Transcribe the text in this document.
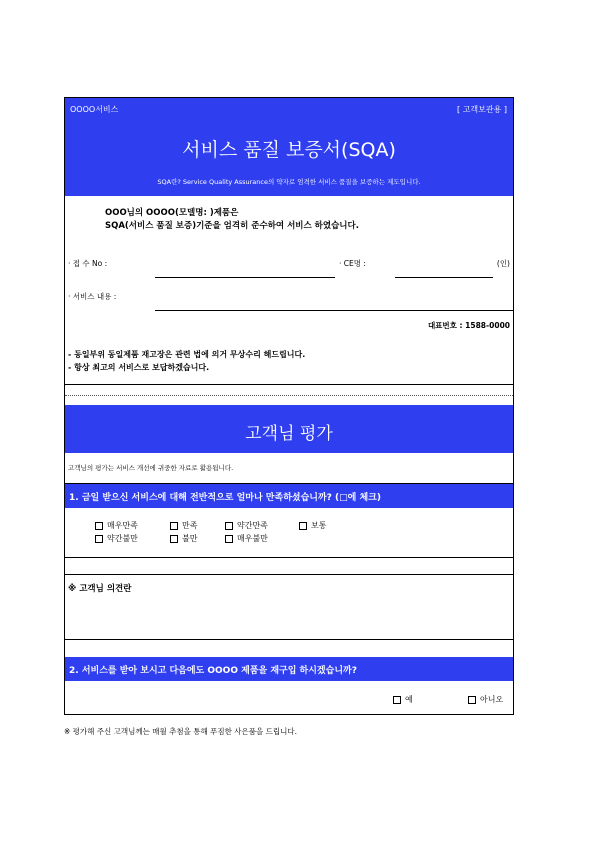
OOOO서비스	[ 고객보관용 ]
서비스 품질 보증서(SQA)
SQA란? Service Quality Assurance의 약자로 엄격한 서비스 품질을 보증하는 제도입니다.
OOO님의 OOOO(모델명: )제품은
SQA(서비스 품질 보증)기준을 엄격히 준수하여 서비스 하였습니다.
· 접 수 No :	· CE명 :	(인)
· 서비스 내용 :
대표번호 : 1588-0000
- 동일부위 동일제품 재고장은 관련 법에 의거 무상수리 해드립니다.
- 항상 최고의 서비스로 보답하겠습니다.
고객님 평가
고객님의 평가는 서비스 개선에 귀중한 자료로 활용됩니다.
1. 금일 받으신 서비스에 대해 전반적으로 얼마나 만족하셨습니까? (□에 체크)
매우만족	만족	약간만족	보통
약간불만	불만	매우불만
※ 고객님 의견란
2. 서비스를 받아 보시고 다음에도 OOOO 제품을 재구입 하시겠습니까?
예	아니오
※ 평가해 주신 고객님께는 매월 추첨을 통해 푸짐한 사은품을 드립니다.
